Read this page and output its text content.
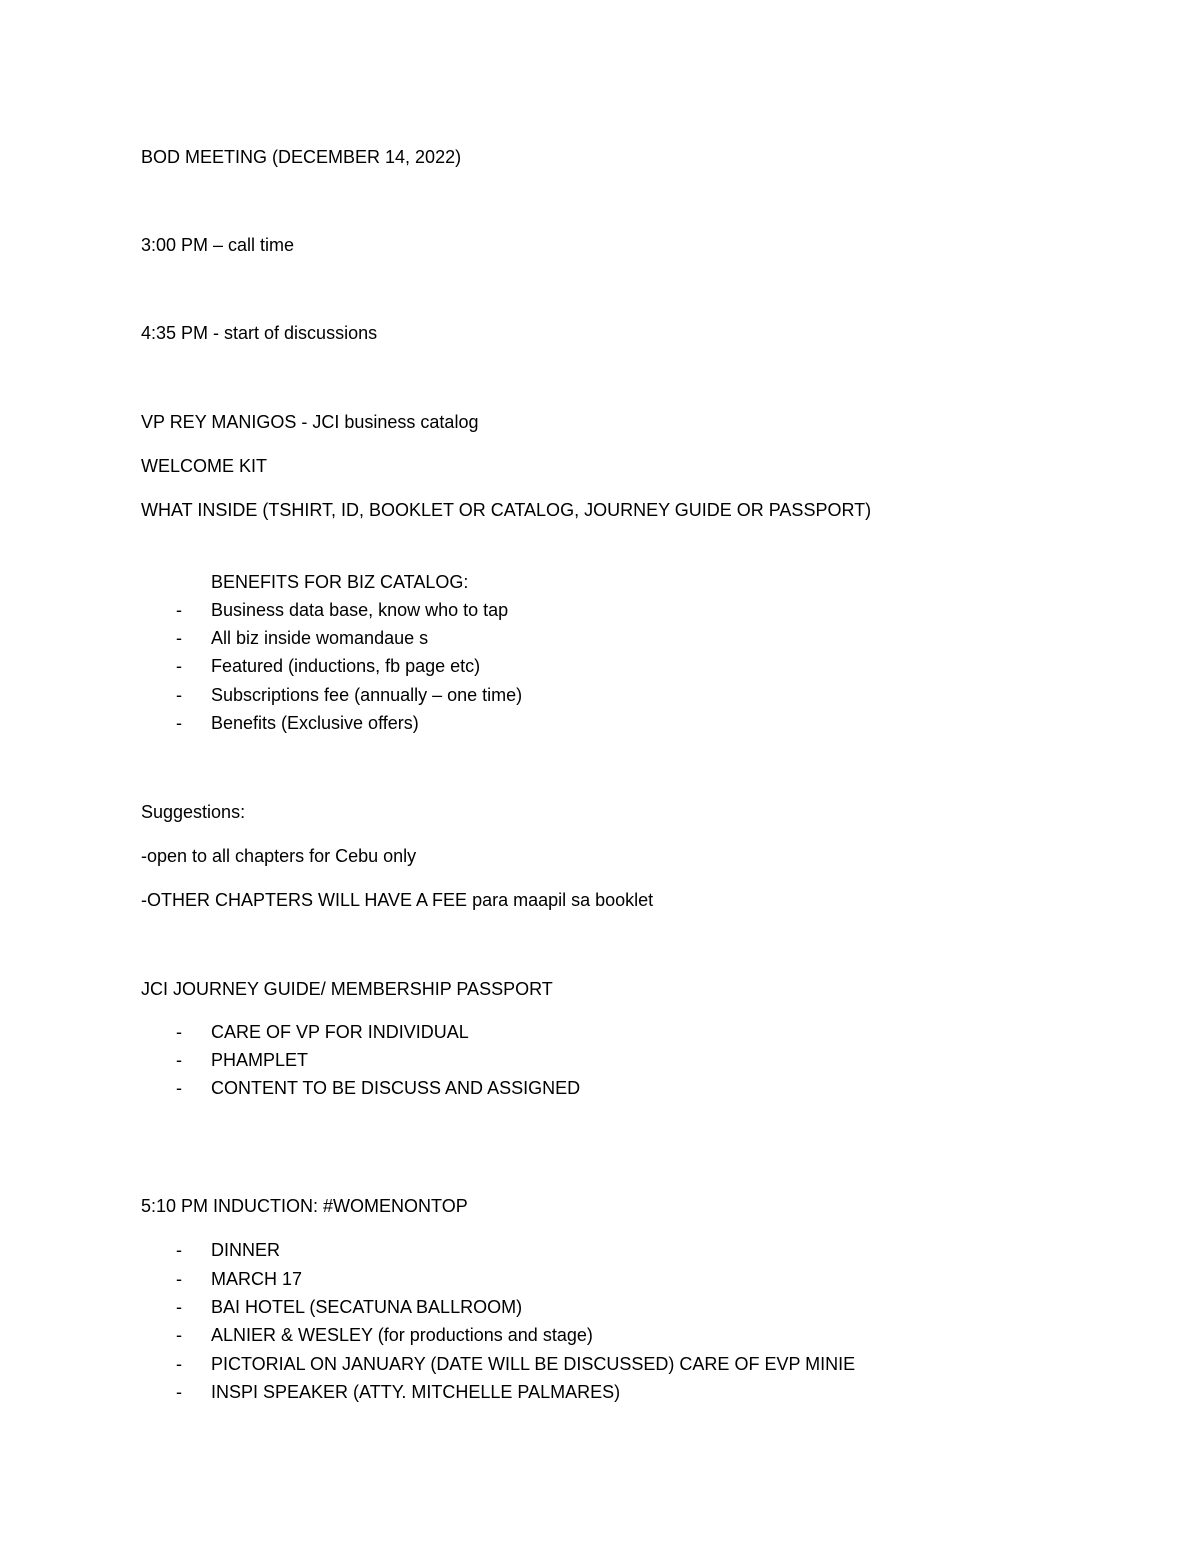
BOD MEETING (DECEMBER 14, 2022)
3:00 PM – call time
4:35 PM - start of discussions
VP REY MANIGOS - JCI business catalog
WELCOME KIT
WHAT INSIDE (TSHIRT, ID, BOOKLET OR CATALOG, JOURNEY GUIDE OR PASSPORT)
BENEFITS FOR BIZ CATALOG:
- Business data base, know who to tap
- All biz inside womandaue s
- Featured (inductions, fb page etc)
- Subscriptions fee (annually – one time)
- Benefits (Exclusive offers)
Suggestions:
-open to all chapters for Cebu only
-OTHER CHAPTERS WILL HAVE A FEE para maapil sa booklet
JCI JOURNEY GUIDE/ MEMBERSHIP PASSPORT
- CARE OF VP FOR INDIVIDUAL
- PHAMPLET
- CONTENT TO BE DISCUSS AND ASSIGNED
5:10 PM INDUCTION: #WOMENONTOP
- DINNER
- MARCH 17
- BAI HOTEL (SECATUNA BALLROOM)
- ALNIER & WESLEY (for productions and stage)
- PICTORIAL ON JANUARY (DATE WILL BE DISCUSSED) CARE OF EVP MINIE
- INSPI SPEAKER (ATTY. MITCHELLE PALMARES)
